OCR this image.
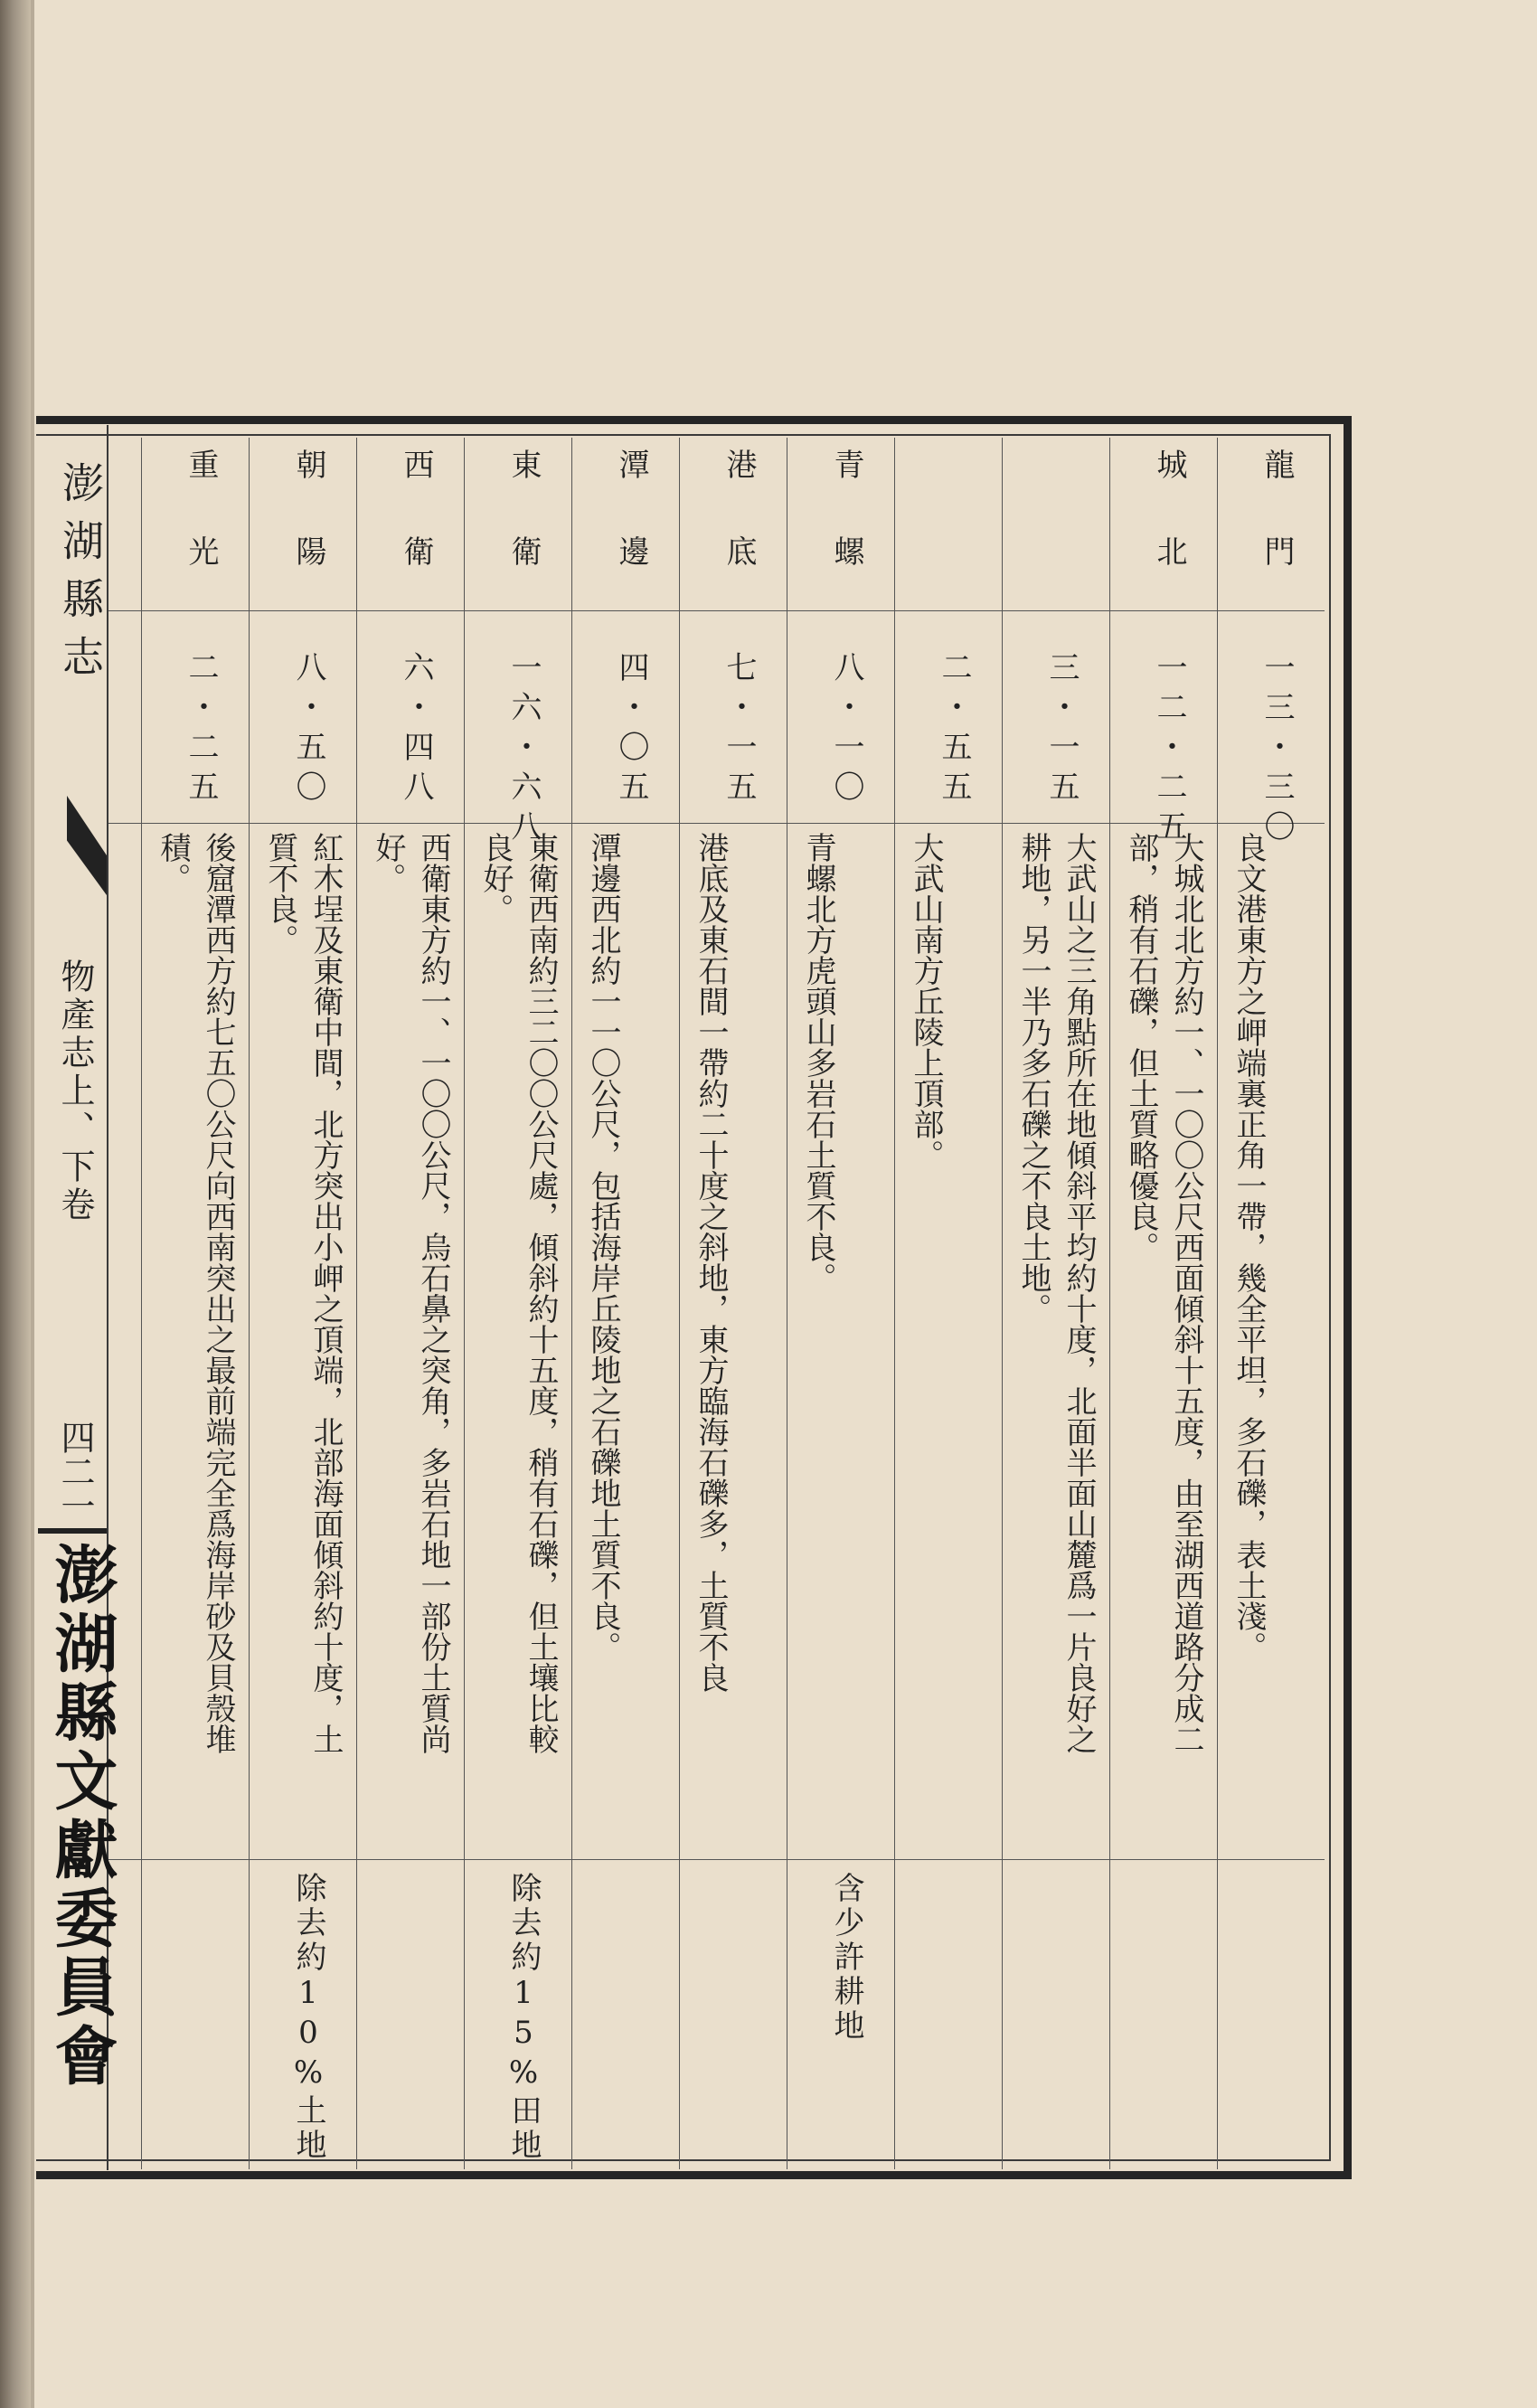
澎湖縣志
物產志上、下卷
四二一
澎湖縣文獻委員會
龍門
一三・三〇
良文港東方之岬端裏正角一帶，幾全平坦，多石礫，表土淺。
城北
一二・二五
大城北北方約一、一〇〇公尺西面傾斜十五度，由至湖西道路分成二部，稍有石礫，但土質略優良。
三・一五
大武山之三角點所在地傾斜平均約十度，北面半面山麓爲一片良好之耕地，另一半乃多石礫之不良土地。
二・五五
大武山南方丘陵上頂部。
青螺
八・一〇
青螺北方虎頭山多岩石土質不良。
含少許耕地
港底
七・一五
港底及東石間一帶約二十度之斜地，東方臨海石礫多，土質不良
潭邊
四・〇五
潭邊西北約一一〇公尺，包括海岸丘陵地之石礫地土質不良。
東衛
一六・六八
東衛西南約三二〇〇公尺處，傾斜約十五度，稍有石礫，但土壤比較良好。
除去約15%田地
西衛
六・四八
西衛東方約一、一〇〇公尺，烏石鼻之突角，多岩石地一部份土質尚好。
朝陽
八・五〇
紅木埕及東衛中間，北方突出小岬之頂端，北部海面傾斜約十度，土質不良。
除去約10%土地
重光
二・二五
後窟潭西方約七五〇公尺向西南突出之最前端完全爲海岸砂及貝殼堆積。
